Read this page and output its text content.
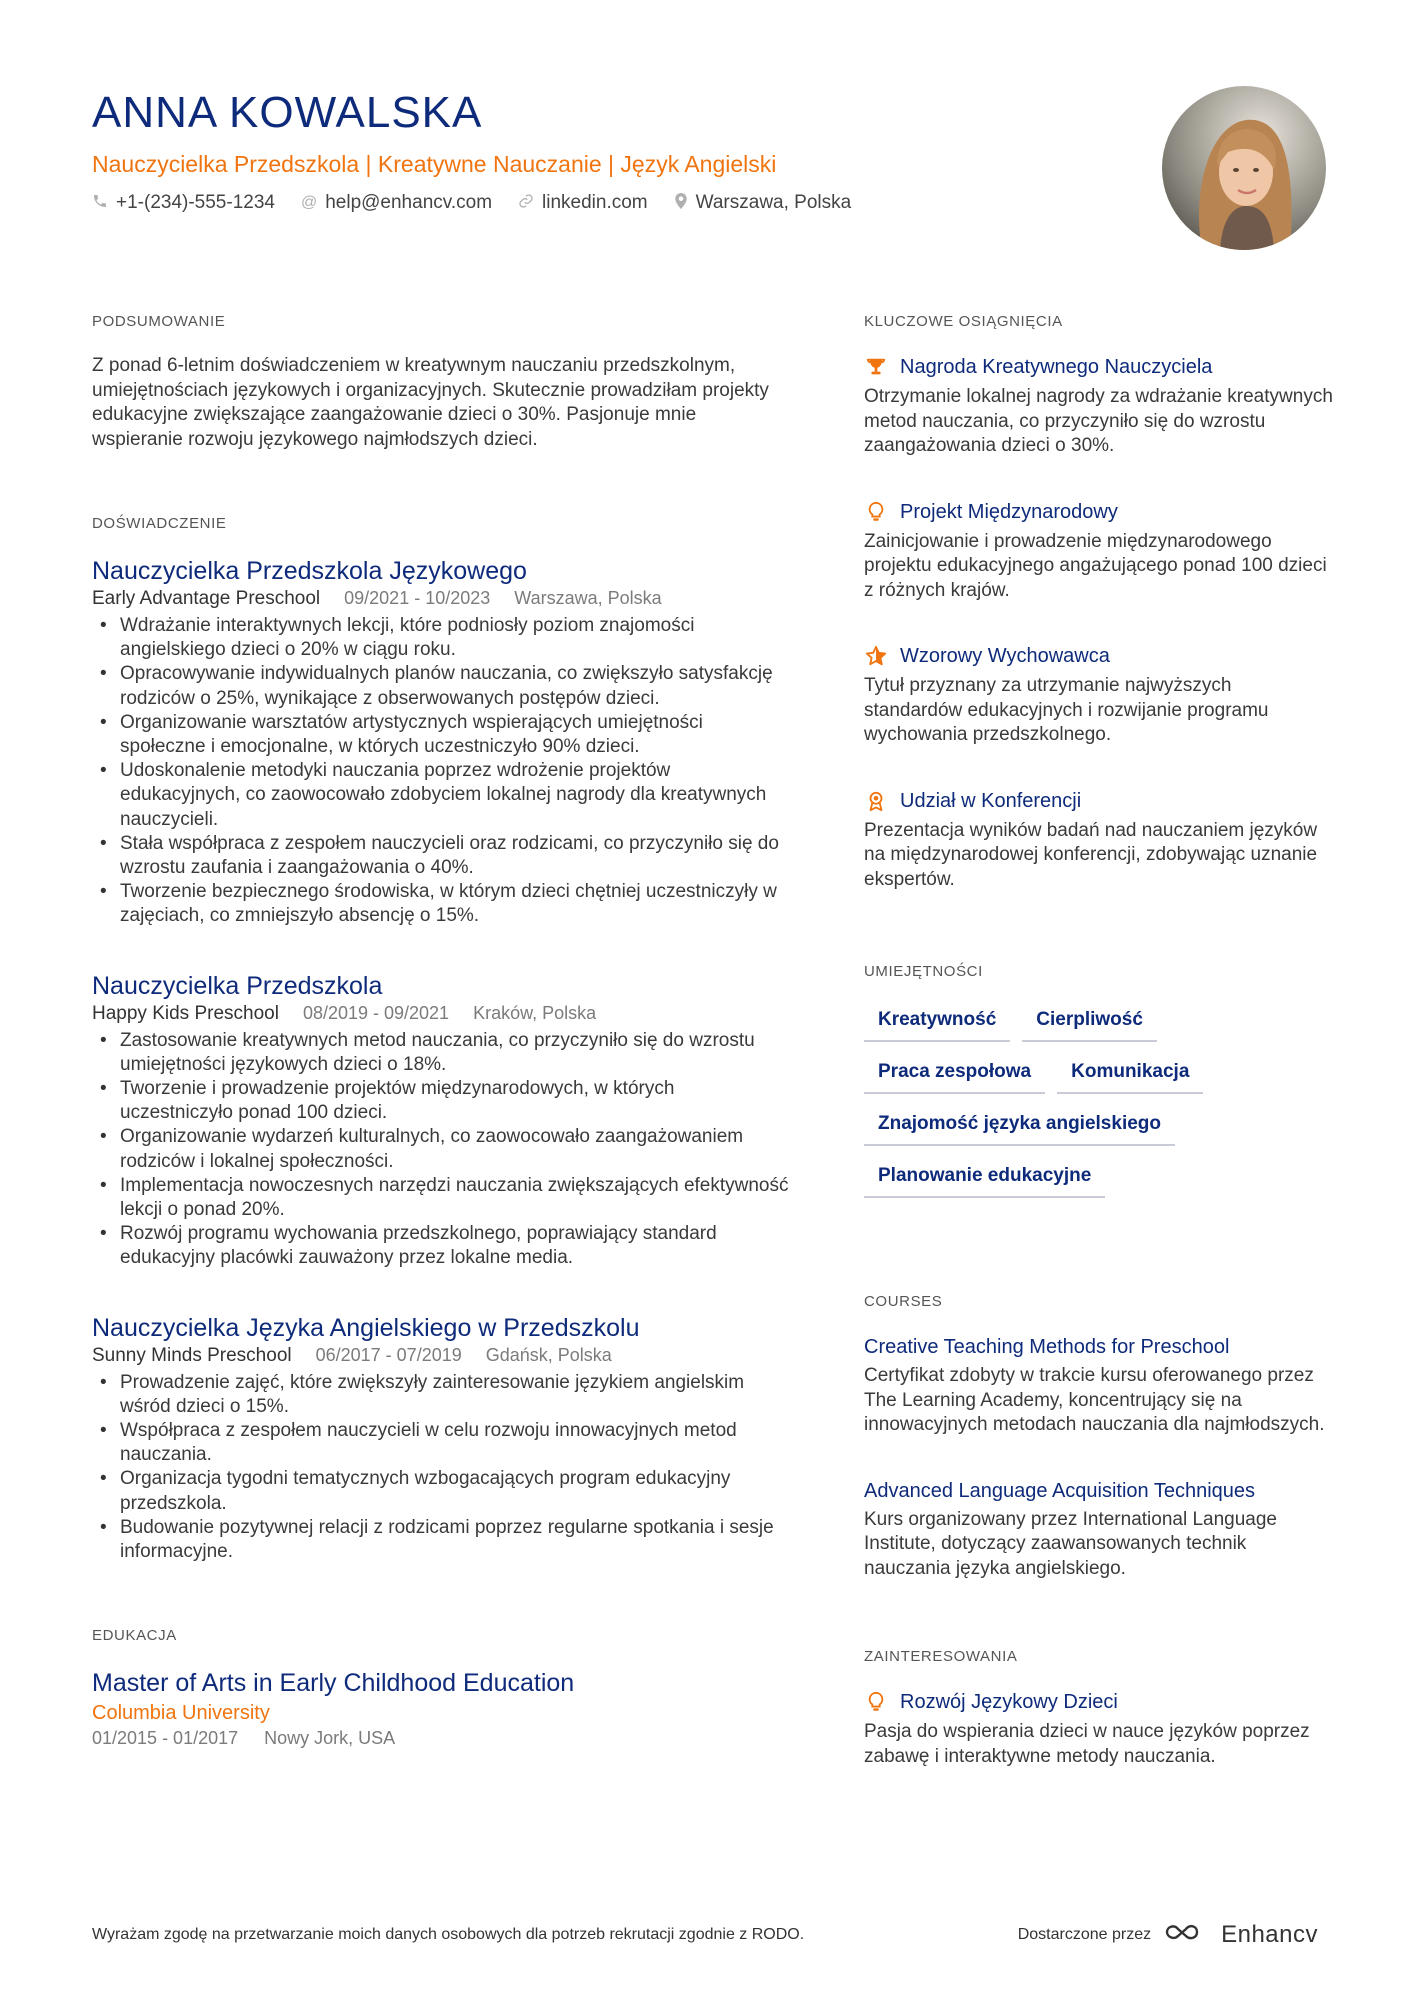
ANNA KOWALSKA
Nauczycielka Przedszkola | Kreatywne Nauczanie | Język Angielski
+1-(234)-555-1234 @ help@enhancv.com	linkedin.com	Warszawa, Polska
PODSUMOWANIE

Z ponad 6-letnim doświadczeniem w kreatywnym nauczaniu przedszkolnym, umiejętnościach językowych i organizacyjnych. Skutecznie prowadziłam projekty edukacyjne zwiększające zaangażowanie dzieci o 30%. Pasjonuje mnie wspieranie rozwoju językowego najmłodszych dzieci.

DOŚWIADCZENIE
Nauczycielka Przedszkola Językowego
Early Advantage Preschool 09/2021 - 10/2023 Warszawa, Polska
• Wdrażanie interaktywnych lekcji, które podniosły poziom znajomości angielskiego dzieci o 20% w ciągu roku.
• Opracowywanie indywidualnych planów nauczania, co zwiększyło satysfakcję rodziców o 25%, wynikające z obserwowanych postępów dzieci.
• Organizowanie warsztatów artystycznych wspierających umiejętności społeczne i emocjonalne, w których uczestniczyło 90% dzieci.
• Udoskonalenie metodyki nauczania poprzez wdrożenie projektów edukacyjnych, co zaowocowało zdobyciem lokalnej nagrody dla kreatywnych nauczycieli.
• Stała współpraca z zespołem nauczycieli oraz rodzicami, co przyczyniło się do wzrostu zaufania i zaangażowania o 40%.
• Tworzenie bezpiecznego środowiska, w którym dzieci chętniej uczestniczyły w zajęciach, co zmniejszyło absencję o 15%.
Nauczycielka Przedszkola
Happy Kids Preschool 08/2019 - 09/2021 Kraków, Polska
• Zastosowanie kreatywnych metod nauczania, co przyczyniło się do wzrostu umiejętności językowych dzieci o 18%.
• Tworzenie i prowadzenie projektów międzynarodowych, w których uczestniczyło ponad 100 dzieci.
• Organizowanie wydarzeń kulturalnych, co zaowocowało zaangażowaniem rodziców i lokalnej społeczności.
• Implementacja nowoczesnych narzędzi nauczania zwiększających efektywność lekcji o ponad 20%.
• Rozwój programu wychowania przedszkolnego, poprawiający standard edukacyjny placówki zauważony przez lokalne media.
Nauczycielka Języka Angielskiego w Przedszkolu
Sunny Minds Preschool 06/2017 - 07/2019 Gdańsk, Polska
• Prowadzenie zajęć, które zwiększyły zainteresowanie językiem angielskim wśród dzieci o 15%.
• Współpraca z zespołem nauczycieli w celu rozwoju innowacyjnych metod nauczania.
• Organizacja tygodni tematycznych wzbogacających program edukacyjny przedszkola.
• Budowanie pozytywnej relacji z rodzicami poprzez regularne spotkania i sesje informacyjne.
EDUKACJA
Master of Arts in Early Childhood Education
Columbia University
01/2015 - 01/2017 Nowy Jork, USA
KLUCZOWE OSIĄGNIĘCIA
Nagroda Kreatywnego Nauczyciela

Otrzymanie lokalnej nagrody za wdrażanie kreatywnych metod nauczania, co przyczyniło się do wzrostu zaangażowania dzieci o 30%.

Projekt Międzynarodowy

Zainicjowanie i prowadzenie międzynarodowego projektu edukacyjnego angażującego ponad 100 dzieci z różnych krajów.

Wzorowy Wychowawca

Tytuł przyznany za utrzymanie najwyższych standardów edukacyjnych i rozwijanie programu wychowania przedszkolnego.

Udział w Konferencji

Prezentacja wyników badań nad nauczaniem języków na międzynarodowej konferencji, zdobywając uznanie ekspertów.

UMIEJĘTNOŚCI
Kreatywność	Cierpliwość
Praca zespołowa	Komunikacja
Znajomość języka angielskiego
Planowanie edukacyjne
COURSES
Creative Teaching Methods for Preschool

Certyfikat zdobyty w trakcie kursu oferowanego przez The Learning Academy, koncentrujący się na innowacyjnych metodach nauczania dla najmłodszych.

Advanced Language Acquisition Techniques

Kurs organizowany przez International Language Institute, dotyczący zaawansowanych technik nauczania języka angielskiego.

ZAINTERESOWANIA
Rozwój Językowy Dzieci

Pasja do wspierania dzieci w nauce języków poprzez zabawę i interaktywne metody nauczania.

Wyrażam zgodę na przetwarzanie moich danych osobowych dla potrzeb rekrutacji zgodnie z RODO.	Dostarczone przez	Enhancv
